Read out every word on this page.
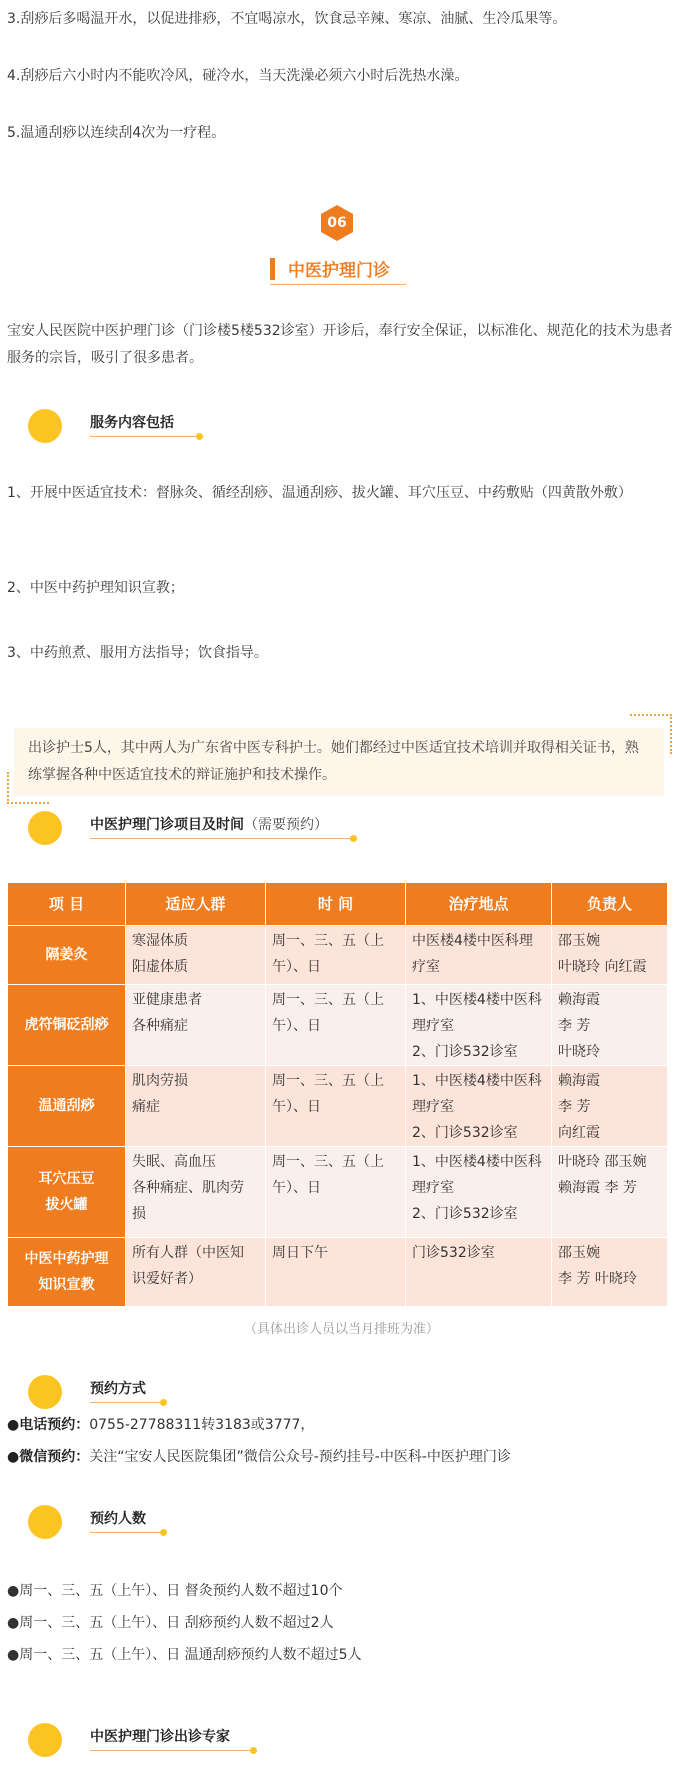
3.刮痧后多喝温开水，以促进排痧，不宜喝凉水，饮食忌辛辣、寒凉、油腻、生冷瓜果等。
4.刮痧后六小时内不能吹冷风，碰冷水，当天洗澡必须六小时后洗热水澡。
5.温通刮痧以连续刮4次为一疗程。
06
中医护理门诊
宝安人民医院中医护理门诊（门诊楼5楼532诊室）开诊后，奉行安全保证，以标准化、规范化的技术为患者服务的宗旨，吸引了很多患者。
服务内容包括
1、开展中医适宜技术：督脉灸、循经刮痧、温通刮痧、拔火罐、耳穴压豆、中药敷贴（四黄散外敷）
2、中医中药护理知识宣教；
3、中药煎煮、服用方法指导；饮食指导。
出诊护士5人，其中两人为广东省中医专科护士。她们都经过中医适宜技术培训并取得相关证书，熟练掌握各种中医适宜技术的辩证施护和技术操作。
中医护理门诊项目及时间（需要预约）
项 目	适应人群	时 间	治疗地点	负责人

隔姜灸	寒湿体质
阳虚体质	周一、三、五（上
午）、日	中医楼4楼中医科理
疗室	邵玉婉
叶晓玲 向红霞

虎符铜砭刮痧	亚健康患者
各种痛症	周一、三、五（上
午）、日	1、中医楼4楼中医科
理疗室
2、门诊532诊室	赖海霞
李 芳
叶晓玲

温通刮痧	肌肉劳损
痛症	周一、三、五（上
午）、日	1、中医楼4楼中医科
理疗室
2、门诊532诊室	赖海霞
李 芳
向红霞

耳穴压豆
拔火罐	失眠、高血压
各种痛症、肌肉劳
损	周一、三、五（上
午）、日	1、中医楼4楼中医科
理疗室
2、门诊532诊室	叶晓玲 邵玉婉
赖海霞 李 芳

中医中药护理
知识宣教	所有人群（中医知
识爱好者）	周日下午	门诊532诊室	邵玉婉
李 芳 叶晓玲
（具体出诊人员以当月排班为准）
预约方式
●电话预约：0755-27788311转3183或3777，
●微信预约：关注“宝安人民医院集团”微信公众号-预约挂号-中医科-中医护理门诊
预约人数
●周一、三、五（上午）、日 督灸预约人数不超过10个
●周一、三、五（上午）、日 刮痧预约人数不超过2人
●周一、三、五（上午）、日 温通刮痧预约人数不超过5人
中医护理门诊出诊专家
